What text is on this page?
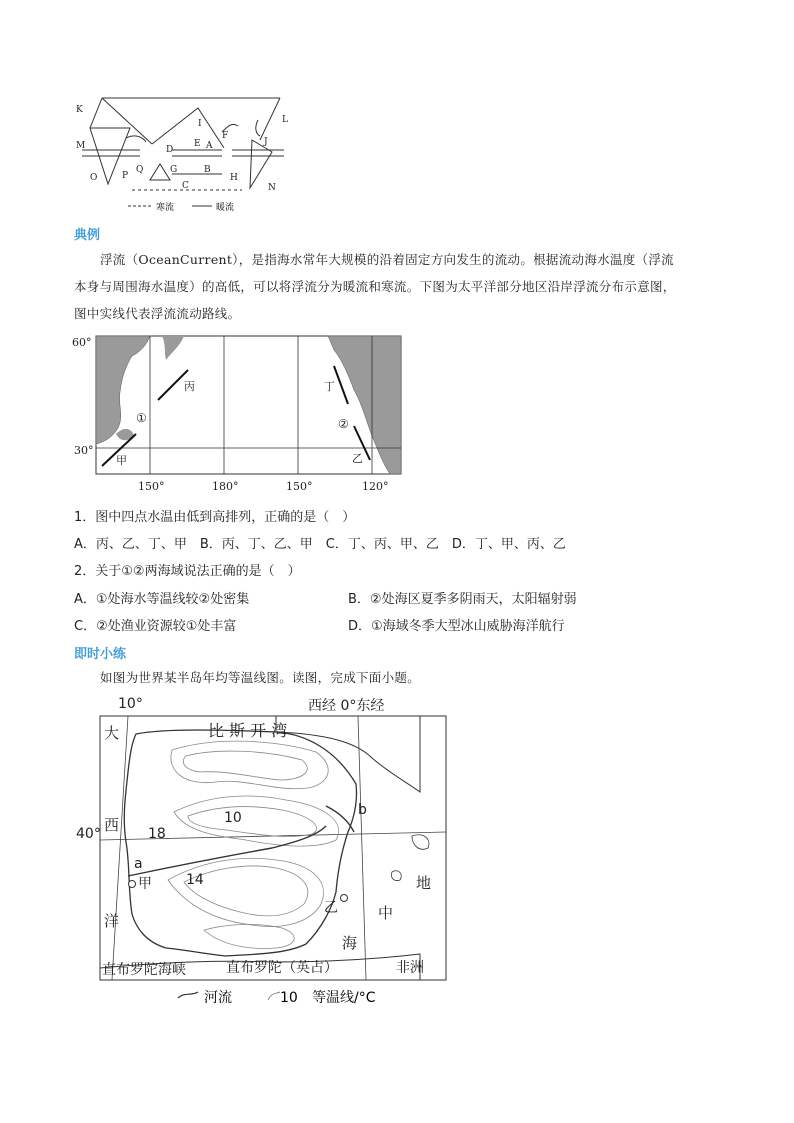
K
L
M
N
O	P
Q	G
D
E A
F
I
J
B
H
C
寒流	暖流
典例
浮流（OceanCurrent），是指海水常年大规模的沿着固定方向发生的流动。根据流动海水温度（浮流
本身与周围海水温度）的高低，可以将浮流分为暖流和寒流。下图为太平洋部分地区沿岸浮流分布示意图，
图中实线代表浮流流动路线。
60°
30°
150°	180°	150°	120°
丙	丁
甲	乙
①	②
1．图中四点水温由低到高排列，正确的是（　）
A．丙、乙、丁、甲　B．丙、丁、乙、甲　C．丁、丙、甲、乙　D．丁、甲、丙、乙
2．关于①②两海域说法正确的是（　）
A．①处海水等温线较②处密集	B．②处海区夏季多阴雨天，太阳辐射弱
C．②处渔业资源较①处丰富	D．①海域冬季大型冰山威胁海洋航行
即时小练
如图为世界某半岛年均等温线图。读图，完成下面小题。
10°	西经 0°东经
40°
比 斯 开 湾
大
西
洋
地
中
海
10
18
14
a
b
甲
乙
直布罗陀海峡	直布罗陀（英占）	非洲
河流	10 等温线/°C
